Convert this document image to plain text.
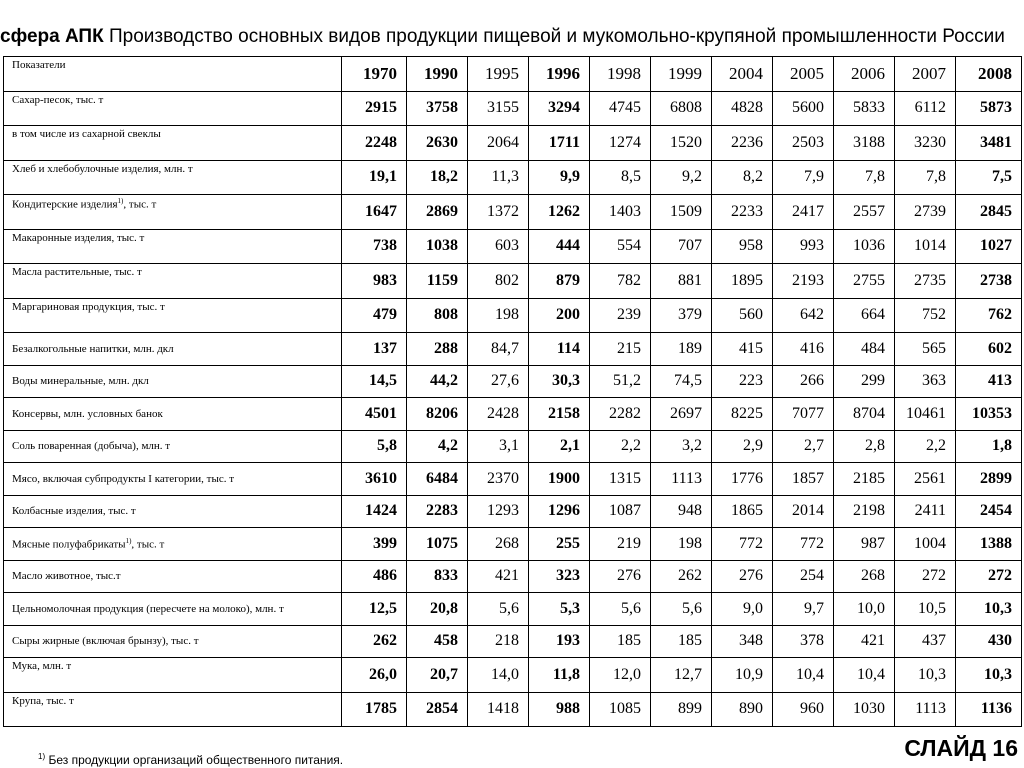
сфера АПК Производство основных видов продукции пищевой и мукомольно-крупяной промышленности России
Показатели	1970	1990	1995	1996	1998	1999	2004	2005	2006	2007	2008
Сахар-песок, тыс. т	2915	3758	3155	3294	4745	6808	4828	5600	5833	6112	5873
в том числе из сахарной свеклы	2248	2630	2064	1711	1274	1520	2236	2503	3188	3230	3481
Хлеб и хлебобулочные изделия, млн. т	19,1	18,2	11,3	9,9	8,5	9,2	8,2	7,9	7,8	7,8	7,5
Кондитерские изделия$^{1)}$, тыс. т	1647	2869	1372	1262	1403	1509	2233	2417	2557	2739	2845
Макаронные изделия, тыс. т	738	1038	603	444	554	707	958	993	1036	1014	1027
Масла растительные, тыс. т	983	1159	802	879	782	881	1895	2193	2755	2735	2738
Маргариновая продукция, тыс. т	479	808	198	200	239	379	560	642	664	752	762
Безалкогольные напитки, млн. дкл	137	288	84,7	114	215	189	415	416	484	565	602
Воды минеральные, млн. дкл	14,5	44,2	27,6	30,3	51,2	74,5	223	266	299	363	413
Консервы, млн. условных банок	4501	8206	2428	2158	2282	2697	8225	7077	8704	10461	10353
Соль поваренная (добыча), млн. т	5,8	4,2	3,1	2,1	2,2	3,2	2,9	2,7	2,8	2,2	1,8
Мясо, включая субпродукты I категории, тыс. т	3610	6484	2370	1900	1315	1113	1776	1857	2185	2561	2899
Колбасные изделия, тыс. т	1424	2283	1293	1296	1087	948	1865	2014	2198	2411	2454
Мясные полуфабрикаты$^{1)}$, тыс. т	399	1075	268	255	219	198	772	772	987	1004	1388
Масло животное, тыс.т	486	833	421	323	276	262	276	254	268	272	272
Цельномолочная продукция (пересчете на молоко), млн. т	12,5	20,8	5,6	5,3	5,6	5,6	9,0	9,7	10,0	10,5	10,3
Сыры жирные (включая брынзу), тыс. т	262	458	218	193	185	185	348	378	421	437	430
Мука, млн. т	26,0	20,7	14,0	11,8	12,0	12,7	10,9	10,4	10,4	10,3	10,3
Крупа, тыс. т	1785	2854	1418	988	1085	899	890	960	1030	1113	1136
$^{1)}$ Без продукции организаций общественного питания.	СЛАЙД 16
